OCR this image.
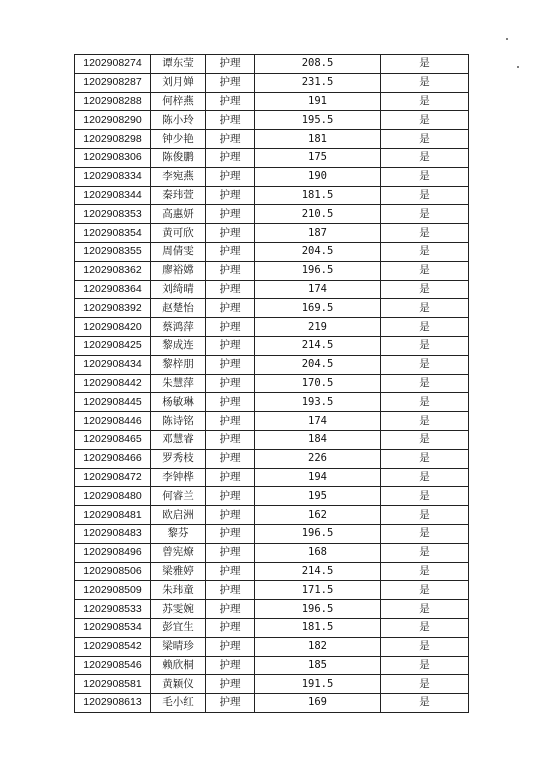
1202908274	谭东莹	护理	208.5	是
1202908287	刘月婵	护理	231.5	是
1202908288	何梓燕	护理	191	是
1202908290	陈小玲	护理	195.5	是
1202908298	钟少艳	护理	181	是
1202908306	陈俊鹏	护理	175	是
1202908334	李宛燕	护理	190	是
1202908344	秦玮萱	护理	181.5	是
1202908353	高惠妍	护理	210.5	是
1202908354	黄可欣	护理	187	是
1202908355	周倩雯	护理	204.5	是
1202908362	廖裕嫦	护理	196.5	是
1202908364	刘绮晴	护理	174	是
1202908392	赵楚怡	护理	169.5	是
1202908420	蔡鸿萍	护理	219	是
1202908425	黎成连	护理	214.5	是
1202908434	黎梓朋	护理	204.5	是
1202908442	朱慧萍	护理	170.5	是
1202908445	杨敏琳	护理	193.5	是
1202908446	陈诗铭	护理	174	是
1202908465	邓慧睿	护理	184	是
1202908466	罗秀枝	护理	226	是
1202908472	李钟桦	护理	194	是
1202908480	何睿兰	护理	195	是
1202908481	欧启洲	护理	162	是
1202908483	黎芬	护理	196.5	是
1202908496	曾宪燎	护理	168	是
1202908506	梁雅婷	护理	214.5	是
1202908509	朱玮童	护理	171.5	是
1202908533	苏雯婉	护理	196.5	是
1202908534	彭宜生	护理	181.5	是
1202908542	梁晴珍	护理	182	是
1202908546	赖欣桐	护理	185	是
1202908581	黄颖仪	护理	191.5	是
1202908613	毛小红	护理	169	是
